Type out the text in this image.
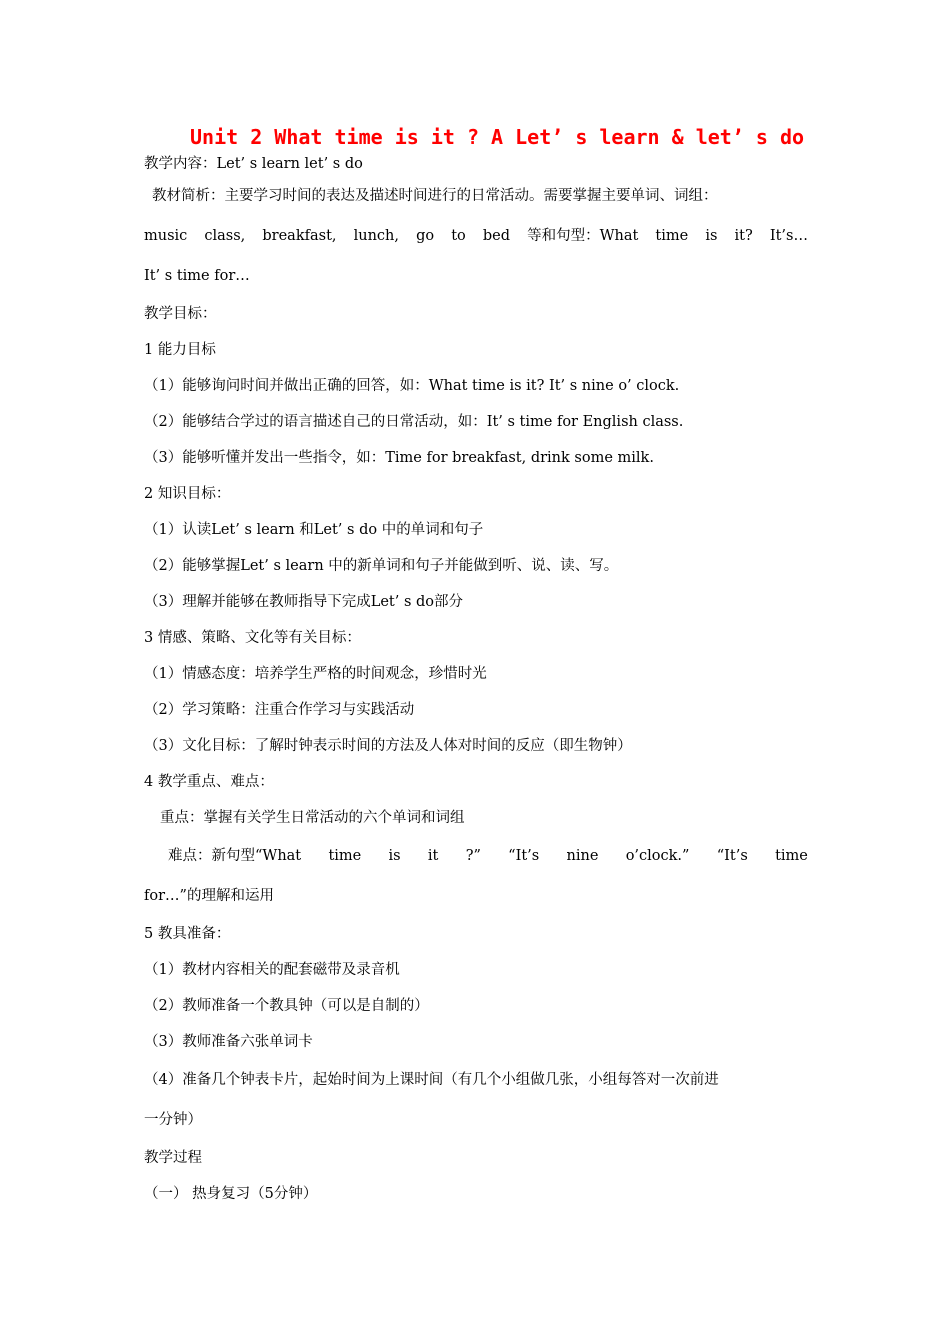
Unit 2 What time is it ? A Let’ s learn & let’ s do
教学内容：Let’ s learn let’ s do
教材简析：主要学习时间的表达及描述时间进行的日常活动。需要掌握主要单词、词组：
music class, breakfast, lunch, go to bed 等和句型：What time is it? It’s…
It’ s time for…
教学目标：
1 能力目标
（1）能够询问时间并做出正确的回答，如：What time is it? It’ s nine o’ clock.
（2）能够结合学过的语言描述自己的日常活动，如：It’ s time for English class.
（3）能够听懂并发出一些指令，如：Time for breakfast, drink some milk.
2 知识目标：
（1）认读Let’ s learn 和Let’ s do 中的单词和句子
（2）能够掌握Let’ s learn 中的新单词和句子并能做到听、说、读、写。
（3）理解并能够在教师指导下完成Let’ s do部分
3 情感、策略、文化等有关目标：
（1）情感态度：培养学生严格的时间观念，珍惜时光
（2）学习策略：注重合作学习与实践活动
（3）文化目标：了解时钟表示时间的方法及人体对时间的反应（即生物钟）
4 教学重点、难点：
重点：掌握有关学生日常活动的六个单词和词组
难点：新句型“What time is it ?” “It’s nine o’clock.” “It’s time
for…”的理解和运用
5 教具准备：
（1）教材内容相关的配套磁带及录音机
（2）教师准备一个教具钟（可以是自制的）
（3）教师准备六张单词卡
（4）准备几个钟表卡片，起始时间为上课时间（有几个小组做几张，小组每答对一次前进
一分钟）
教学过程
（一） 热身复习（5分钟）
